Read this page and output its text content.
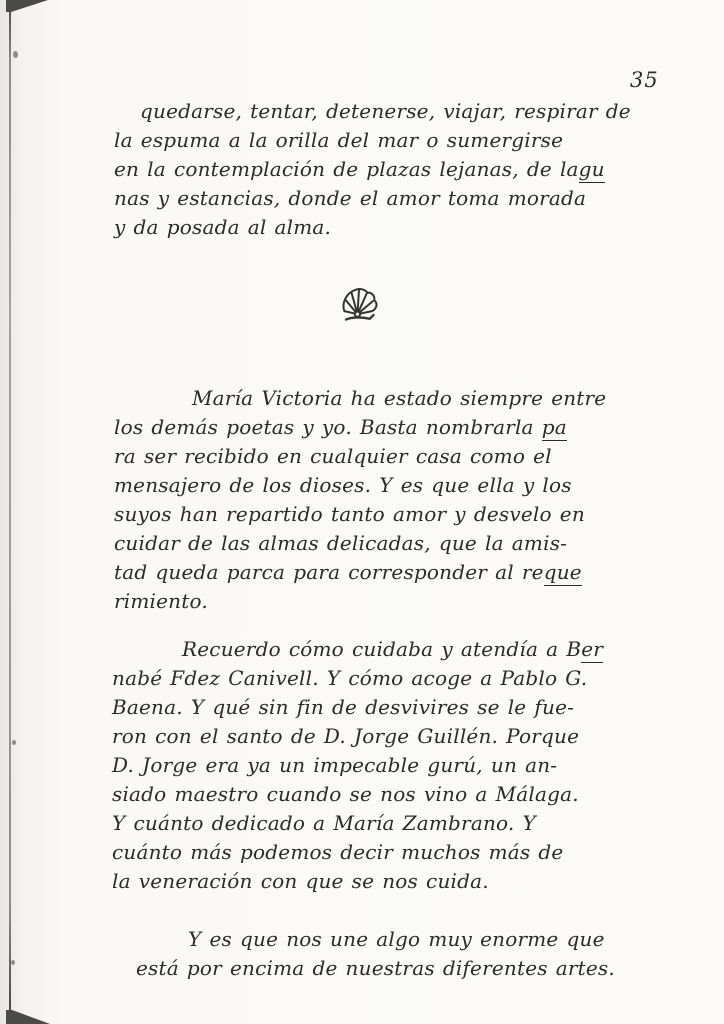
35
quedarse, tentar, detenerse, viajar, respirar de
la espuma a la orilla del mar o sumergirse
en la contemplación de plazas lejanas, de lagu
nas y estancias, donde el amor toma morada
y da posada al alma.
María Victoria ha estado siempre entre
los demás poetas y yo. Basta nombrarla pa
ra ser recibido en cualquier casa como el
mensajero de los dioses. Y es que ella y los
suyos han repartido tanto amor y desvelo en
cuidar de las almas delicadas, que la amis-
tad queda parca para corresponder al reque
rimiento.
Recuerdo cómo cuidaba y atendía a Ber
nabé Fdez Canivell. Y cómo acoge a Pablo G.
Baena. Y qué sin fin de desvivires se le fue-
ron con el santo de D. Jorge Guillén. Porque
D. Jorge era ya un impecable gurú, un an-
siado maestro cuando se nos vino a Málaga.
Y cuánto dedicado a María Zambrano. Y
cuánto más podemos decir muchos más de
la veneración con que se nos cuida.
Y es que nos une algo muy enorme que
está por encima de nuestras diferentes artes.
